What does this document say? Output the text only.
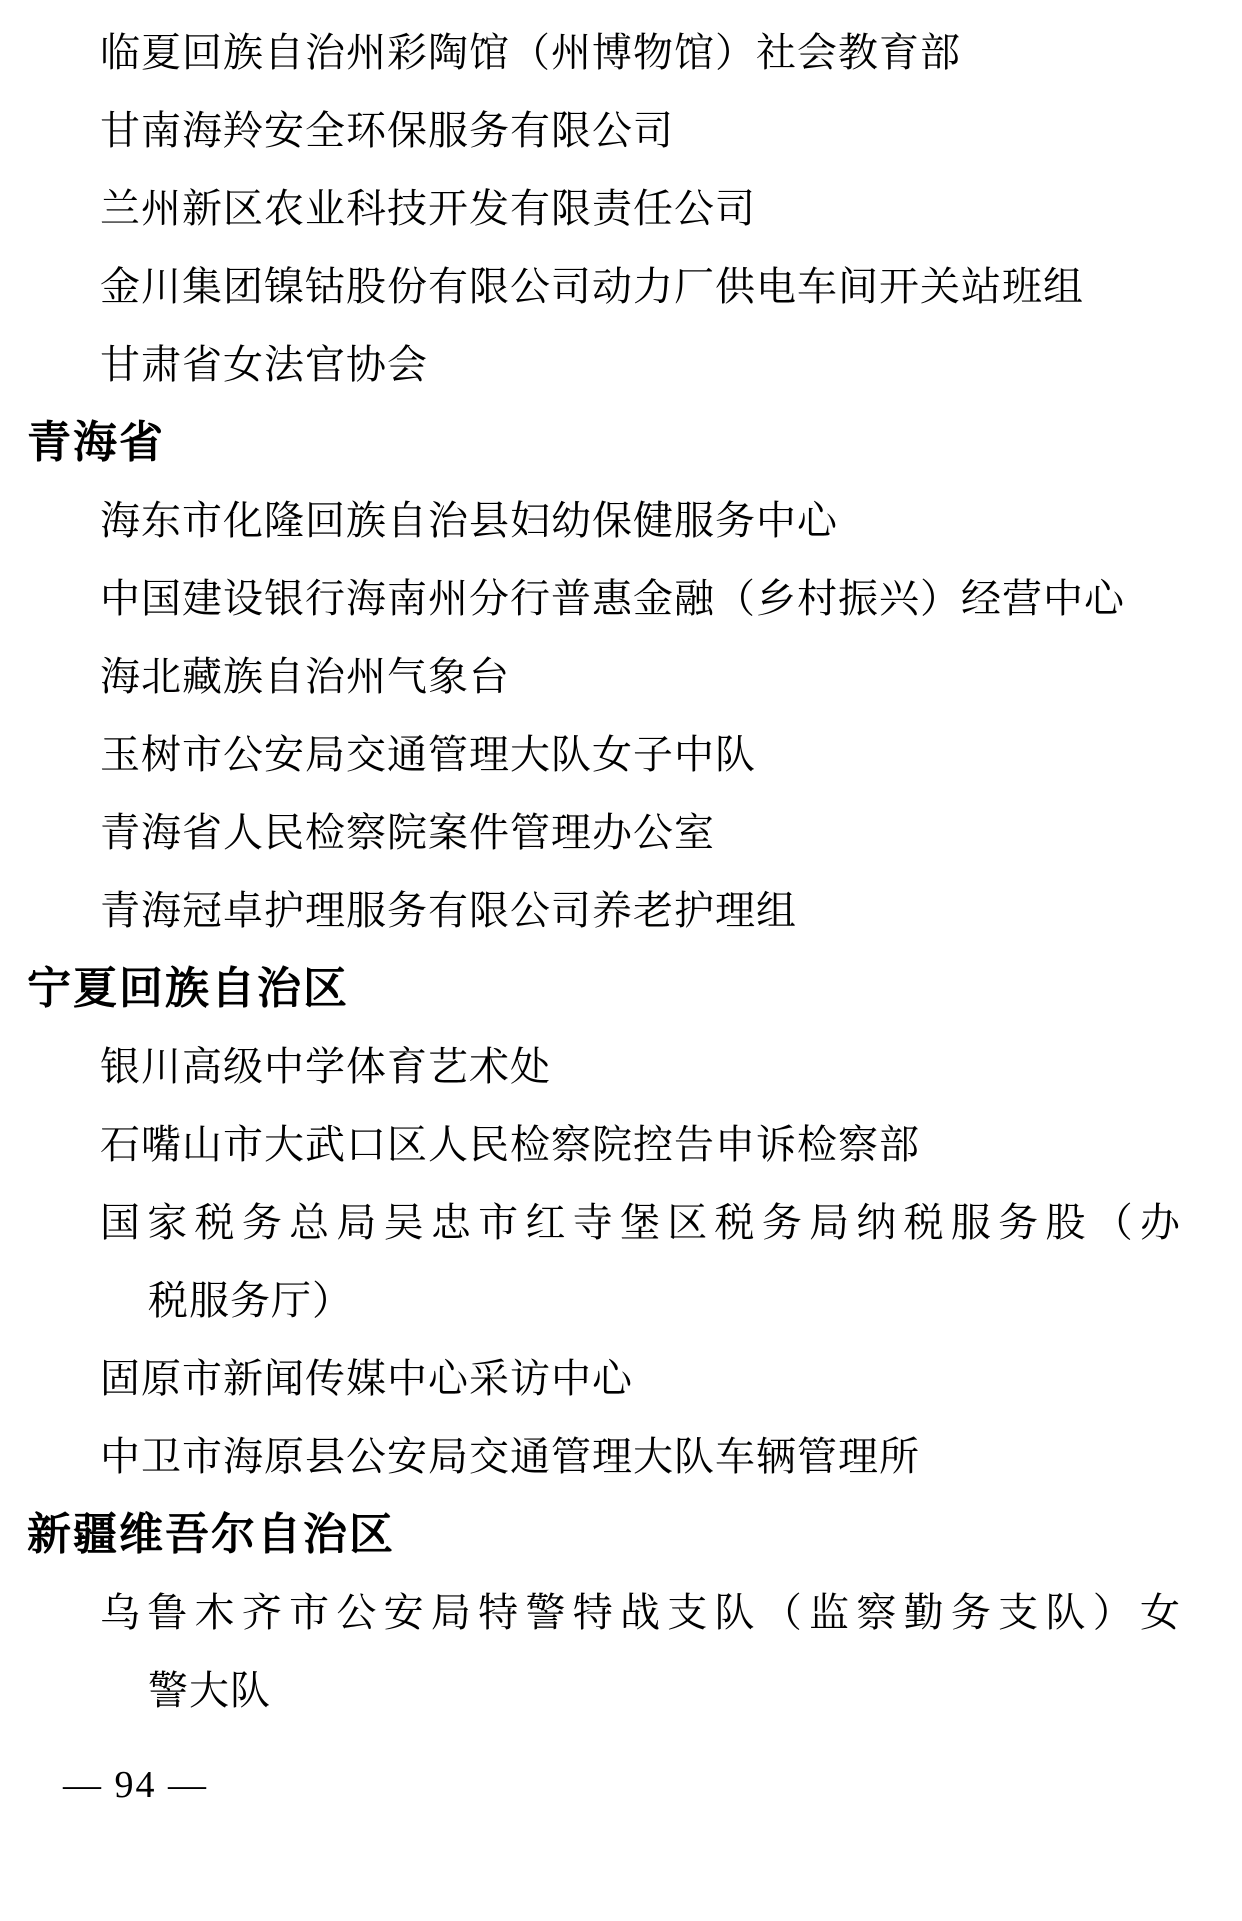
临夏回族自治州彩陶馆（州博物馆）社会教育部
甘南海羚安全环保服务有限公司
兰州新区农业科技开发有限责任公司
金川集团镍钴股份有限公司动力厂供电车间开关站班组
甘肃省女法官协会
青海省
海东市化隆回族自治县妇幼保健服务中心
中国建设银行海南州分行普惠金融（乡村振兴）经营中心
海北藏族自治州气象台
玉树市公安局交通管理大队女子中队
青海省人民检察院案件管理办公室
青海冠卓护理服务有限公司养老护理组
宁夏回族自治区
银川高级中学体育艺术处
石嘴山市大武口区人民检察院控告申诉检察部
国家税务总局吴忠市红寺堡区税务局纳税服务股（办
税服务厅）
固原市新闻传媒中心采访中心
中卫市海原县公安局交通管理大队车辆管理所
新疆维吾尔自治区
乌鲁木齐市公安局特警特战支队（监察勤务支队）女
警大队
— 94 —
